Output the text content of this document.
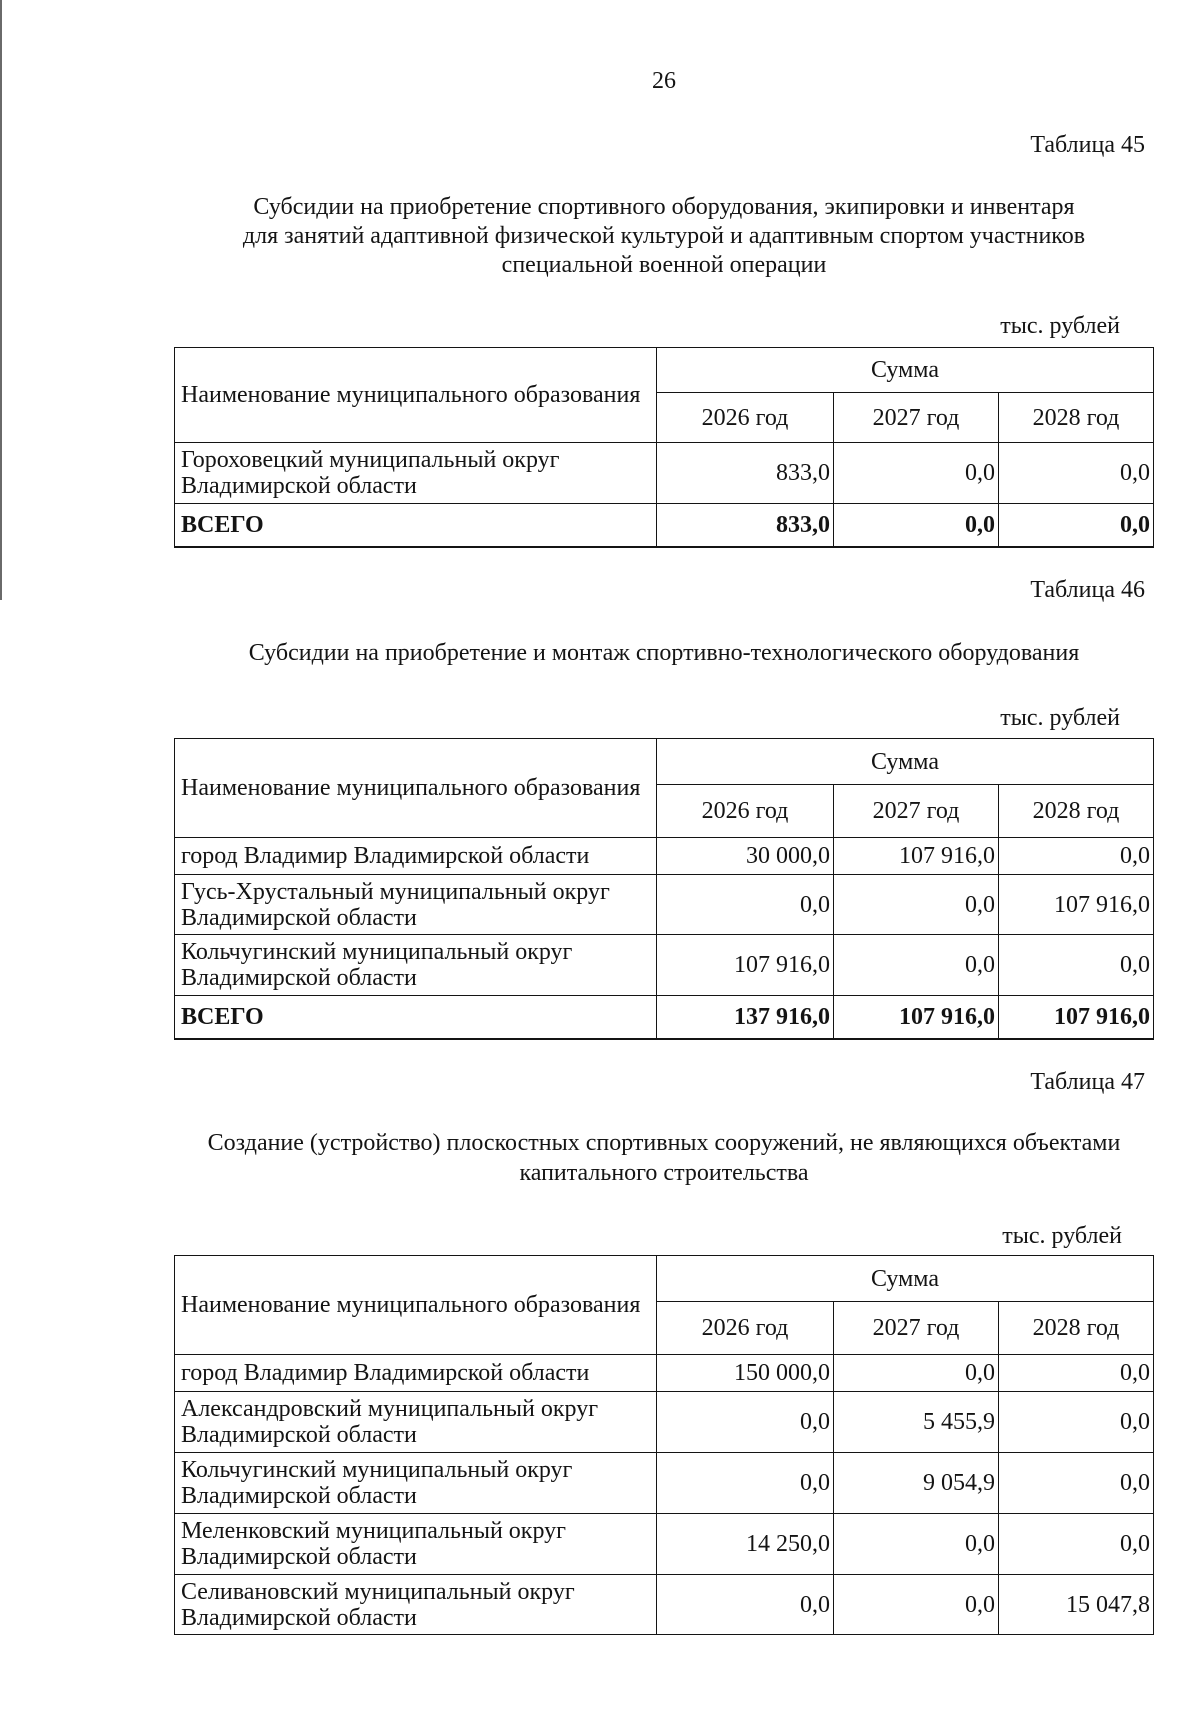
26
Таблица 45
Субсидии на приобретение спортивного оборудования, экипировки и инвентаря
для занятий адаптивной физической культурой и адаптивным спортом участников
специальной военной операции
тыс. рублей
Наименование муниципального образования	Сумма		
	2026 год	2027 год	2028 год

Гороховецкий муниципальный округ
Владимирской области	833,0	0,0	0,0
ВСЕГО	833,0	0,0	0,0
Таблица 46
Субсидии на приобретение и монтаж спортивно-технологического оборудования
тыс. рублей
Наименование муниципального образования	Сумма		
	2026 год	2027 год	2028 год

город Владимир Владимирской области	30 000,0	107 916,0	0,0

Гусь-Хрустальный муниципальный округ
Владимирской области	0,0	0,0	107 916,0

Кольчугинский муниципальный округ
Владимирской области	107 916,0	0,0	0,0
ВСЕГО	137 916,0	107 916,0	107 916,0
Таблица 47
Создание (устройство) плоскостных спортивных сооружений, не являющихся объектами
капитального строительства
тыс. рублей
Наименование муниципального образования	Сумма		
	2026 год	2027 год	2028 год

город Владимир Владимирской области	150 000,0	0,0	0,0

Александровский муниципальный округ
Владимирской области	0,0	5 455,9	0,0

Кольчугинский муниципальный округ
Владимирской области	0,0	9 054,9	0,0

Меленковский муниципальный округ
Владимирской области	14 250,0	0,0	0,0

Селивановский муниципальный округ
Владимирской области	0,0	0,0	15 047,8
